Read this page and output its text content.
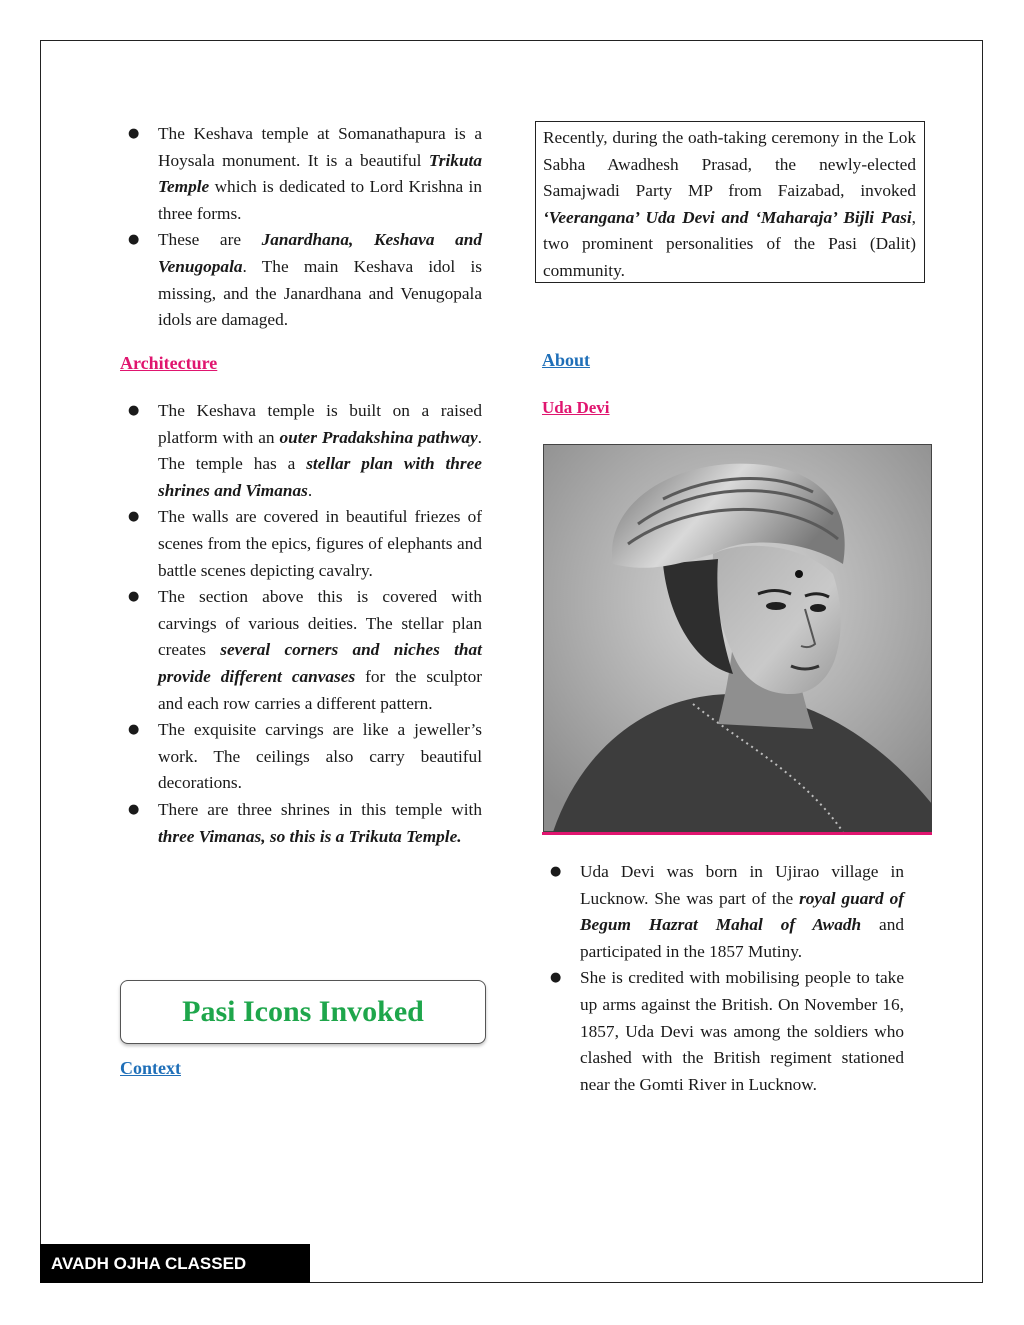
● The Keshava temple at Somanathapura is a Hoysala monument. It is a beautiful Trikuta Temple which is dedicated to Lord Krishna in three forms.
● These are Janardhana, Keshava and Venugopala. The main Keshava idol is missing, and the Janardhana and Venugopala idols are damaged.
Architecture
● The Keshava temple is built on a raised platform with an outer Pradakshina pathway. The temple has a stellar plan with three shrines and Vimanas.
● The walls are covered in beautiful friezes of scenes from the epics, figures of elephants and battle scenes depicting cavalry.
● The section above this is covered with carvings of various deities. The stellar plan creates several corners and niches that provide different canvases for the sculptor and each row carries a different pattern.
● The exquisite carvings are like a jeweller’s work. The ceilings also carry beautiful decorations.
● There are three shrines in this temple with three Vimanas, so this is a Trikuta Temple.
Pasi Icons Invoked
Context
Recently, during the oath-taking ceremony in the Lok Sabha Awadhesh Prasad, the newly-elected Samajwadi Party MP from Faizabad, invoked ‘Veerangana’ Uda Devi and ‘Maharaja’ Bijli Pasi, two prominent personalities of the Pasi (Dalit) community.
About
Uda Devi
● Uda Devi was born in Ujirao village in Lucknow. She was part of the royal guard of Begum Hazrat Mahal of Awadh and participated in the 1857 Mutiny.
● She is credited with mobilising people to take up arms against the British. On November 16, 1857, Uda Devi was among the soldiers who clashed with the British regiment stationed near the Gomti River in Lucknow.
AVADH OJHA CLASSED
